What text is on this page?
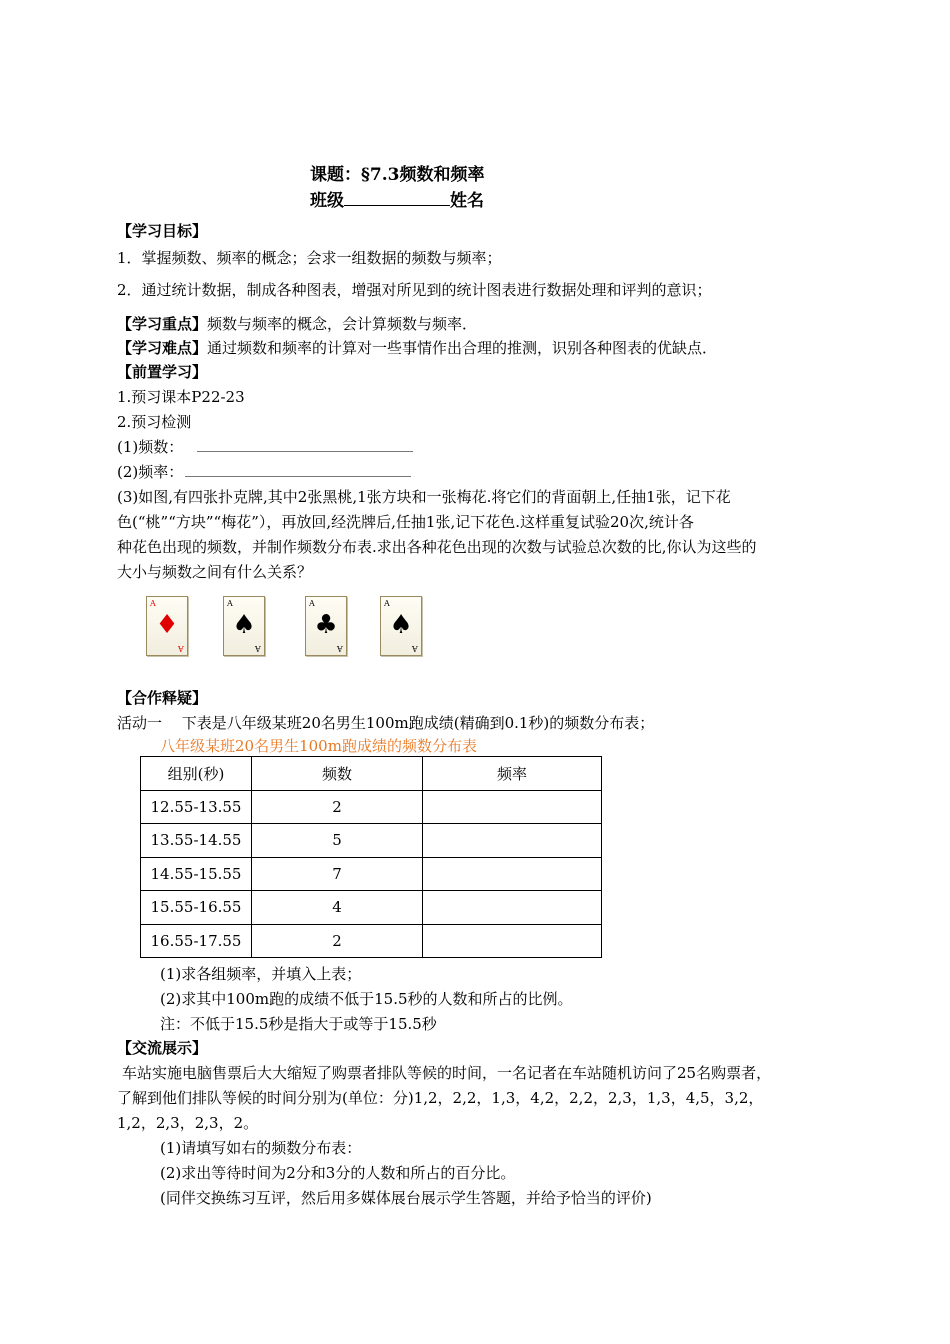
课题：§7.3频数和频率
班级	姓名
【学习目标】
1．掌握频数、频率的概念；会求一组数据的频数与频率；
2．通过统计数据，制成各种图表，增强对所见到的统计图表进行数据处理和评判的意识；
【学习重点】频数与频率的概念，会计算频数与频率．
【学习难点】通过频数和频率的计算对一些事情作出合理的推测，识别各种图表的优缺点．
【前置学习】
1.预习课本P22-23
2.预习检测
(1)频数：
(2)频率：
(3)如图,有四张扑克牌,其中2张黑桃,1张方块和一张梅花.将它们的背面朝上,任抽1张，记下花
色(“桃”“方块”“梅花”），再放回,经洗牌后,任抽1张,记下花色.这样重复试验20次,统计各
种花色出现的频数，并制作频数分布表.求出各种花色出现的次数与试验总次数的比,你认为这些的
大小与频数之间有什么关系？
A
♦
A
A
♠
A
A
♣
A
A
♠
A
【合作释疑】
活动一　 下表是八年级某班20名男生100m跑成绩(精确到0.1秒)的频数分布表；
八年级某班20名男生100m跑成绩的频数分布表
组别(秒)	频数	频率
12.55-13.55	2	
13.55-14.55	5	
14.55-15.55	7	
15.55-16.55	4	
16.55-17.55	2	
(1)求各组频率，并填入上表；
(2)求其中100m跑的成绩不低于15.5秒的人数和所占的比例。
注：不低于15.5秒是指大于或等于15.5秒
【交流展示】
车站实施电脑售票后大大缩短了购票者排队等候的时间，一名记者在车站随机访问了25名购票者，
了解到他们排队等候的时间分别为(单位：分)1,2，2,2，1,3，4,2，2,2，2,3，1,3，4,5，3,2，
1,2，2,3，2,3，2。
(1)请填写如右的频数分布表：
(2)求出等待时间为2分和3分的人数和所占的百分比。
(同伴交换练习互评，然后用多媒体展台展示学生答题，并给予恰当的评价)
